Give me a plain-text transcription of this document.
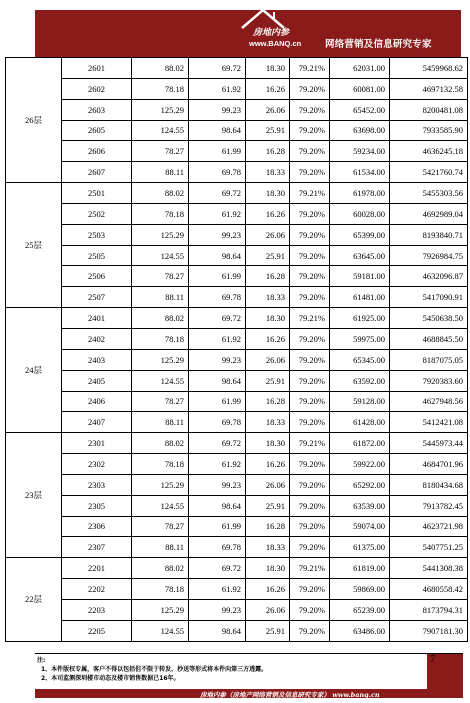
房地内参
www.BANQ.cn	网络营销及信息研究专家
26层	2601	88.02	69.72	18.30	79.21%	62031.00	5459968.62
	2602	78.18	61.92	16.26	79.20%	60081.00	4697132.58
	2603	125.29	99.23	26.06	79.20%	65452.00	8200481.08
	2605	124.55	98.64	25.91	79.20%	63698.00	7933585.90
	2606	78.27	61.99	16.28	79.20%	59234.00	4636245.18
	2607	88.11	69.78	18.33	79.20%	61534.00	5421760.74
25层	2501	88.02	69.72	18.30	79.21%	61978.00	5455303.56
	2502	78.18	61.92	16.26	79.20%	60028.00	4692989.04
	2503	125.29	99.23	26.06	79.20%	65399.00	8193840.71
	2505	124.55	98.64	25.91	79.20%	63645.00	7926984.75
	2506	78.27	61.99	16.28	79.20%	59181.00	4632096.87
	2507	88.11	69.78	18.33	79.20%	61481.00	5417090.91
24层	2401	88.02	69.72	18.30	79.21%	61925.00	5450638.50
	2402	78.18	61.92	16.26	79.20%	59975.00	4688845.50
	2403	125.29	99.23	26.06	79.20%	65345.00	8187075.05
	2405	124.55	98.64	25.91	79.20%	63592.00	7920383.60
	2406	78.27	61.99	16.28	79.20%	59128.00	4627948.56
	2407	88.11	69.78	18.33	79.20%	61428.00	5412421.08
23层	2301	88.02	69.72	18.30	79.21%	61872.00	5445973.44
	2302	78.18	61.92	16.26	79.20%	59922.00	4684701.96
	2303	125.29	99.23	26.06	79.20%	65292.00	8180434.68
	2305	124.55	98.64	25.91	79.20%	63539.00	7913782.45
	2306	78.27	61.99	16.28	79.20%	59074.00	4623721.98
	2307	88.11	69.78	18.33	79.20%	61375.00	5407751.25
22层	2201	88.02	69.72	18.30	79.21%	61819.00	5441308.38
	2202	78.18	61.92	16.26	79.20%	59869.00	4680558.42
	2203	125.29	99.23	26.06	79.20%	65239.00	8173794.31
	2205	124.55	98.64	25.91	79.20%	63486.00	7907181.30
注:
1、本件版权专属，客户不得以包括但不限于转发、抄送等形式将本件向第三方透露。
2、本司监测深圳楼市动态及楼市销售数据已16年。
房地内参（房地产网络营销及信息研究专家） www.banq.cn
7
